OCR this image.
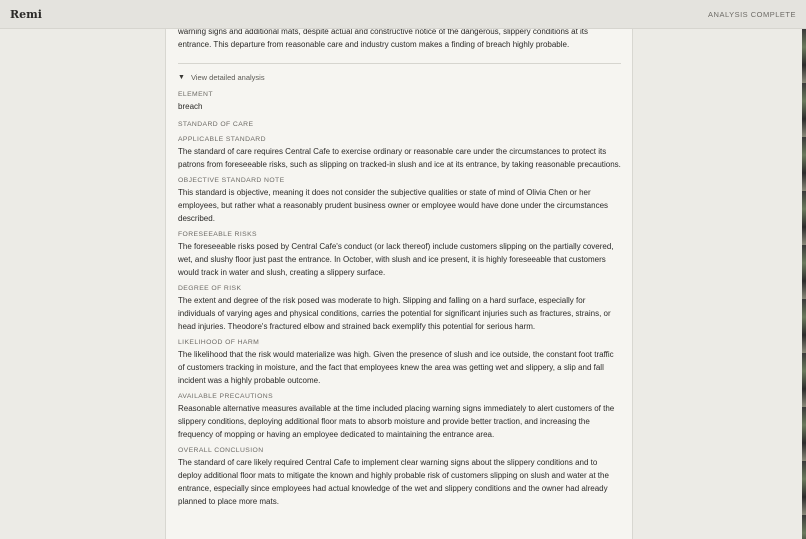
Remi	ANALYSIS COMPLETE

warning signs and additional mats, despite actual and constructive notice of the dangerous, slippery conditions at its entrance. This departure from reasonable care and industry custom makes a finding of breach highly probable.

▼ View detailed analysis
ELEMENT
breach
STANDARD OF CARE
APPLICABLE STANDARD
The standard of care requires Central Cafe to exercise ordinary or reasonable care under the circumstances to protect its patrons from foreseeable risks, such as slipping on tracked-in slush and ice at its entrance, by taking reasonable precautions.
OBJECTIVE STANDARD NOTE
This standard is objective, meaning it does not consider the subjective qualities or state of mind of Olivia Chen or her employees, but rather what a reasonably prudent business owner or employee would have done under the circumstances described.
FORESEEABLE RISKS
The foreseeable risks posed by Central Cafe's conduct (or lack thereof) include customers slipping on the partially covered, wet, and slushy floor just past the entrance. In October, with slush and ice present, it is highly foreseeable that customers would track in water and slush, creating a slippery surface.
DEGREE OF RISK
The extent and degree of the risk posed was moderate to high. Slipping and falling on a hard surface, especially for individuals of varying ages and physical conditions, carries the potential for significant injuries such as fractures, strains, or head injuries. Theodore's fractured elbow and strained back exemplify this potential for serious harm.
LIKELIHOOD OF HARM
The likelihood that the risk would materialize was high. Given the presence of slush and ice outside, the constant foot traffic of customers tracking in moisture, and the fact that employees knew the area was getting wet and slippery, a slip and fall incident was a highly probable outcome.
AVAILABLE PRECAUTIONS
Reasonable alternative measures available at the time included placing warning signs immediately to alert customers of the slippery conditions, deploying additional floor mats to absorb moisture and provide better traction, and increasing the frequency of mopping or having an employee dedicated to maintaining the entrance area.
OVERALL CONCLUSION
The standard of care likely required Central Cafe to implement clear warning signs about the slippery conditions and to deploy additional floor mats to mitigate the known and highly probable risk of customers slipping on slush and water at the entrance, especially since employees had actual knowledge of the wet and slippery conditions and the owner had already planned to place more mats.
